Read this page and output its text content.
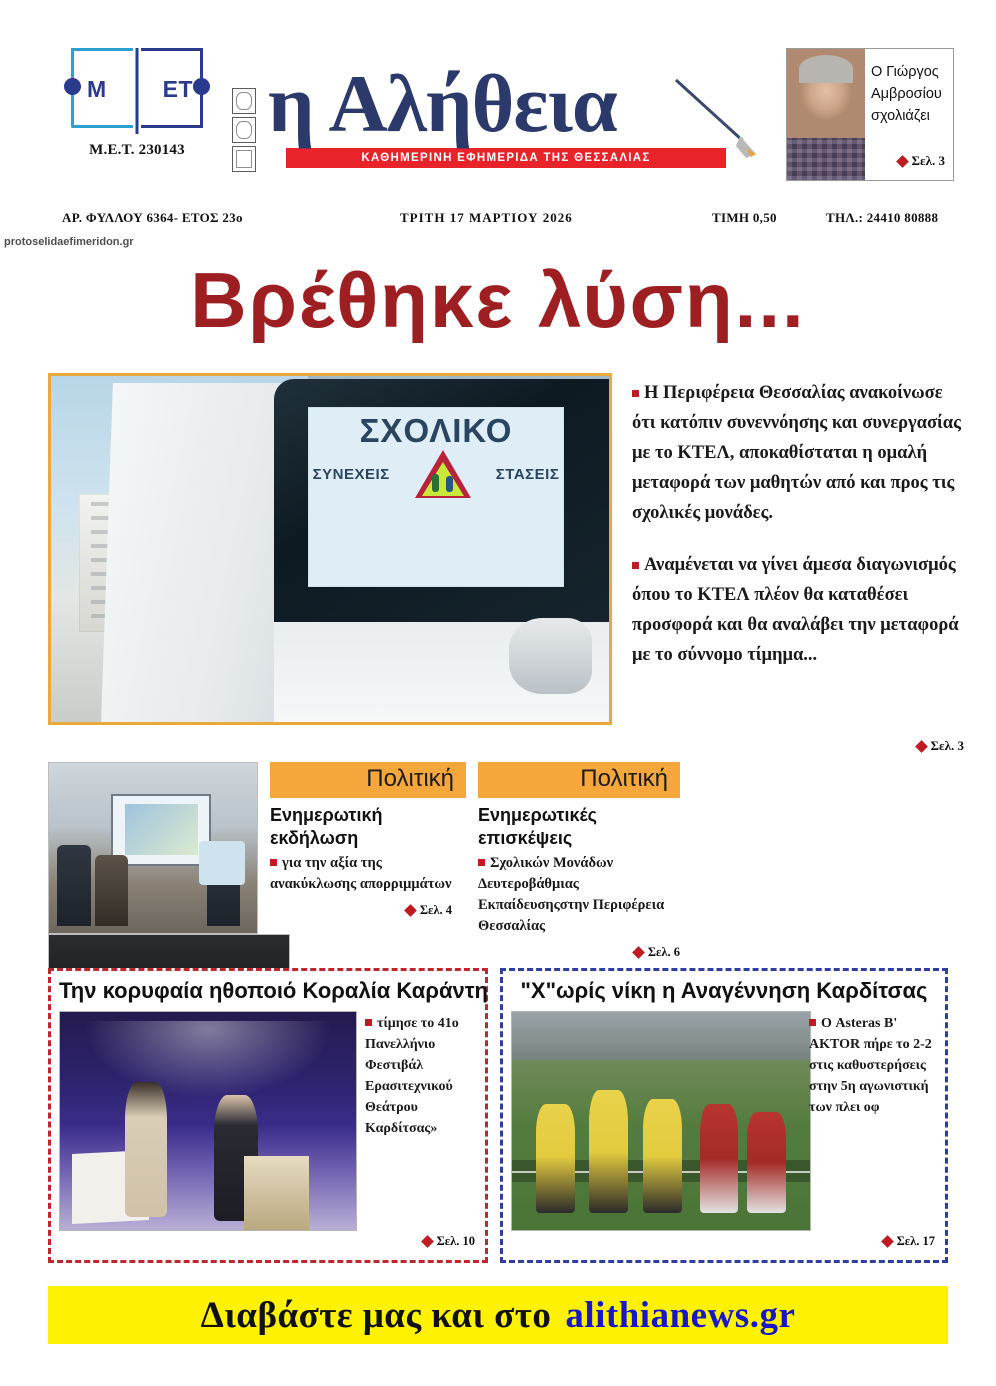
M ET
Μ.Ε.Τ. 230143
η Αλήθεια
ΚΑΘΗΜΕΡΙΝΗ ΕΦΗΜΕΡΙΔΑ ΤΗΣ ΘΕΣΣΑΛΙΑΣ
Ο Γιώργος
Αμβροσίου
σχολιάζει
Σελ. 3
ΑΡ. ΦΥΛΛΟΥ 6364- ΕΤΟΣ 23ο	ΤΡΙΤΗ 17 ΜΑΡΤΙΟΥ 2026	ΤΙΜΗ 0,50	ΤΗΛ.: 24410 80888
protoselidaefimeridon.gr
Βρέθηκε λύση...
ΣΧΟΛΙΚΟ
ΣΥΝΕΧΕΙΣ	ΣΤΑΣΕΙΣ

Η Περιφέρεια Θεσσαλίας ανακοίνωσε ότι κατόπιν συνεννόησης και συνεργασίας με το ΚΤΕΛ, αποκαθίσταται η ομαλή μεταφορά των μαθητών από και προς τις σχολικές μονάδες.

Αναμένεται να γίνει άμεσα διαγωνισμός όπου το ΚΤΕΛ πλέον θα καταθέσει προσφορά και θα αναλάβει την μεταφορά με το σύννομο τίμημα...

Σελ. 3
Πολιτική
Ενημερωτική εκδήλωση
για την αξία της ανακύκλωσης απορριμμάτων
Σελ. 4
Πολιτική
Ενημερωτικές επισκέψεις
Σχολικών Μονάδων Δευτεροβάθμιας Εκπαίδευσηςστην Περιφέρεια Θεσσαλίας
Σελ. 6
Την κορυφαία ηθοποιό Κοραλία Καράντη
τίμησε το 41ο Πανελλήνιο Φεστιβάλ Ερασιτεχνικού Θεάτρου Καρδίτσας»
Σελ. 10
"Χ"ωρίς νίκη η Αναγέννηση Καρδίτσας
Ο Asteras B' AKTOR πήρε το 2-2 στις καθυστερήσεις στην 5η αγωνιστική των πλει οφ
Σελ. 17
Διαβάστε μας και στο alithianews.gr
